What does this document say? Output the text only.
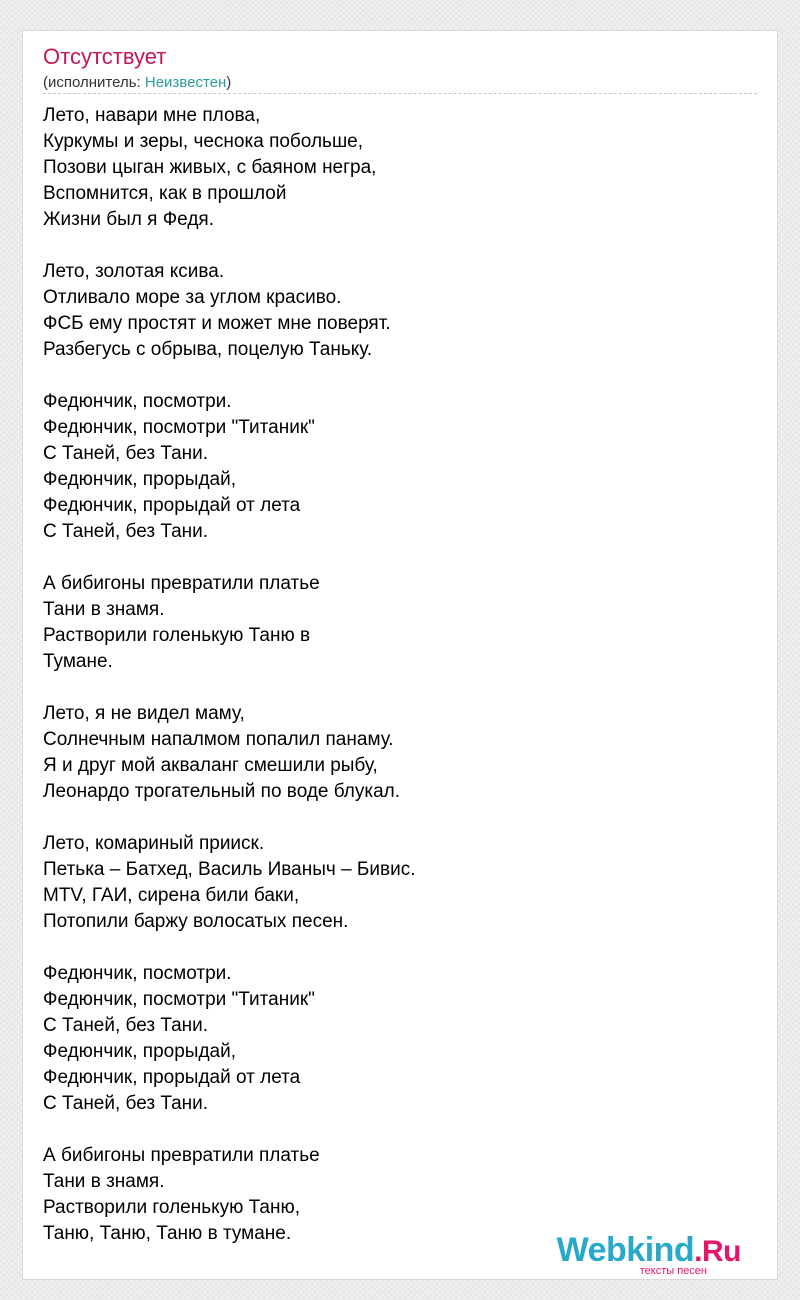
Отсутствует
(исполнитель: Неизвестен)
Лето, навари мне плова,
Куркумы и зеры, чеснока побольше,
Позови цыган живых, с баяном негра,
Вспомнится, как в прошлой
Жизни был я Федя.

Лето, золотая ксива.
Отливало море за углом красиво.
ФСБ ему простят и может мне поверят.
Разбегусь с обрыва, поцелую Таньку.

Федюнчик, посмотри.
Федюнчик, посмотри "Титаник"
С Таней, без Тани.
Федюнчик, прорыдай,
Федюнчик, прорыдай от лета
С Таней, без Тани.

А бибигоны превратили платье
Тани в знамя.
Растворили голенькую Таню в
Тумане.

Лето, я не видел маму,
Солнечным напалмом попалил панаму.
Я и друг мой акваланг смешили рыбу,
Леонардо трогательный по воде блукал.

Лето, комариный прииск.
Петька – Батхед, Василь Иваныч – Бивис.
MTV, ГАИ, сирена били баки,
Потопили баржу волосатых песен.

Федюнчик, посмотри.
Федюнчик, посмотри "Титаник"
С Таней, без Тани.
Федюнчик, прорыдай,
Федюнчик, прорыдай от лета
С Таней, без Тани.

А бибигоны превратили платье
Тани в знамя.
Растворили голенькую Таню,
Таню, Таню, Таню в тумане.	Webkind.Ru
тексты песен
